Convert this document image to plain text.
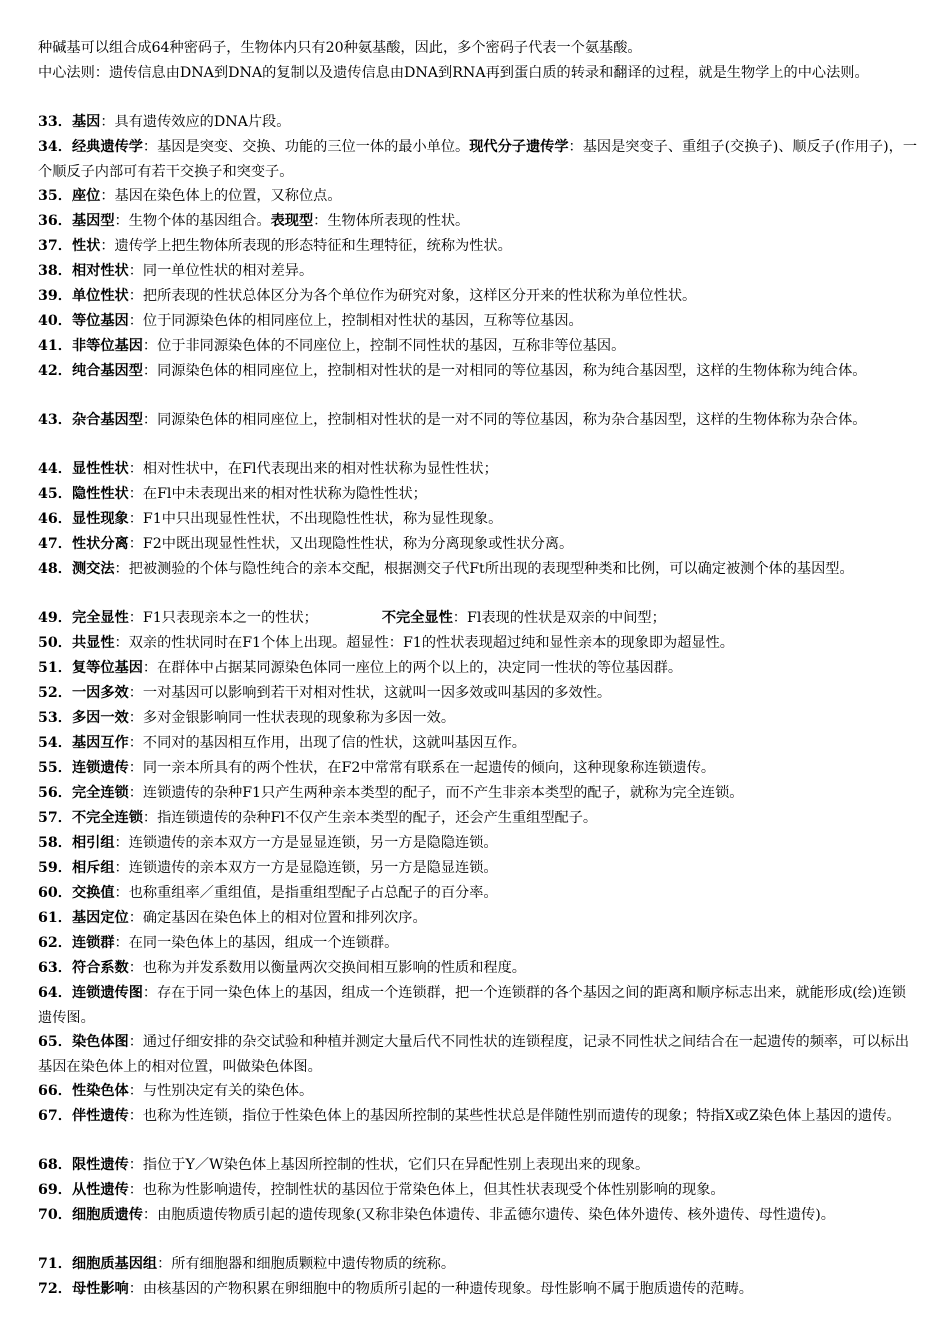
种碱基可以组合成64种密码子，生物体内只有20种氨基酸，因此，多个密码子代表一个氨基酸。
中心法则：遗传信息由DNA到DNA的复制以及遗传信息由DNA到RNA再到蛋白质的转录和翻译的过程，就是生物学上的中心法则。
33．基因：具有遗传效应的DNA片段。
34．经典遗传学：基因是突变、交换、功能的三位一体的最小单位。现代分子遗传学：基因是突变子、重组子(交换子)、顺反子(作用子)，一个顺反子内部可有若干交换子和突变子。
35．座位：基因在染色体上的位置，又称位点。
36．基因型：生物个体的基因组合。表现型：生物体所表现的性状。
37．性状：遗传学上把生物体所表现的形态特征和生理特征，统称为性状。
38．相对性状：同一单位性状的相对差异。
39．单位性状：把所表现的性状总体区分为各个单位作为研究对象，这样区分开来的性状称为单位性状。
40．等位基因：位于同源染色体的相同座位上，控制相对性状的基因，互称等位基因。
41．非等位基因：位于非同源染色体的不同座位上，控制不同性状的基因，互称非等位基因。
42．纯合基因型：同源染色体的相同座位上，控制相对性状的是一对相同的等位基因，称为纯合基因型，这样的生物体称为纯合体。
43．杂合基因型：同源染色体的相同座位上，控制相对性状的是一对不同的等位基因，称为杂合基因型，这样的生物体称为杂合体。
44．显性性状：相对性状中，在Fl代表现出来的相对性状称为显性性状；
45．隐性性状：在Fl中未表现出来的相对性状称为隐性性状；
46．显性现象：F1中只出现显性性状，不出现隐性性状，称为显性现象。
47．性状分离：F2中既出现显性性状，又出现隐性性状，称为分离现象或性状分离。
48．测交法：把被测验的个体与隐性纯合的亲本交配，根据测交子代Ft所出现的表现型种类和比例，可以确定被测个体的基因型。
49．完全显性：F1只表现亲本之一的性状；	不完全显性：Fl表现的性状是双亲的中间型；
50．共显性：双亲的性状同时在F1个体上出现。超显性：F1的性状表现超过纯和显性亲本的现象即为超显性。
51．复等位基因：在群体中占据某同源染色体同一座位上的两个以上的，决定同一性状的等位基因群。
52．一因多效：一对基因可以影响到若干对相对性状，这就叫一因多效或叫基因的多效性。
53．多因一效：多对金银影响同一性状表现的现象称为多因一效。
54．基因互作：不同对的基因相互作用，出现了信的性状，这就叫基因互作。
55．连锁遗传：同一亲本所具有的两个性状，在F2中常常有联系在一起遗传的倾向，这种现象称连锁遗传。
56．完全连锁：连锁遗传的杂种F1只产生两种亲本类型的配子，而不产生非亲本类型的配子，就称为完全连锁。
57．不完全连锁：指连锁遗传的杂种Fl不仅产生亲本类型的配子，还会产生重组型配子。
58．相引组：连锁遗传的亲本双方一方是显显连锁，另一方是隐隐连锁。
59．相斥组：连锁遗传的亲本双方一方是显隐连锁，另一方是隐显连锁。
60．交换值：也称重组率／重组值，是指重组型配子占总配子的百分率。
61．基因定位：确定基因在染色体上的相对位置和排列次序。
62．连锁群：在同一染色体上的基因，组成一个连锁群。
63．符合系数：也称为并发系数用以衡量两次交换间相互影响的性质和程度。
64．连锁遗传图：存在于同一染色体上的基因，组成一个连锁群，把一个连锁群的各个基因之间的距离和顺序标志出来，就能形成(绘)连锁遗传图。
65．染色体图：通过仔细安排的杂交试验和种植并测定大量后代不同性状的连锁程度，记录不同性状之间结合在一起遗传的频率，可以标出基因在染色体上的相对位置，叫做染色体图。
66．性染色体：与性别决定有关的染色体。
67．伴性遗传：也称为性连锁，指位于性染色体上的基因所控制的某些性状总是伴随性别而遗传的现象；特指X或Z染色体上基因的遗传。
68．限性遗传：指位于Y／W染色体上基因所控制的性状，它们只在异配性别上表现出来的现象。
69．从性遗传：也称为性影响遗传，控制性状的基因位于常染色体上，但其性状表现受个体性别影响的现象。
70．细胞质遗传：由胞质遗传物质引起的遗传现象(又称非染色体遗传、非孟德尔遗传、染色体外遗传、核外遗传、母性遗传)。
71．细胞质基因组：所有细胞器和细胞质颗粒中遗传物质的统称。
72．母性影响：由核基因的产物积累在卵细胞中的物质所引起的一种遗传现象。母性影响不属于胞质遗传的范畴。
